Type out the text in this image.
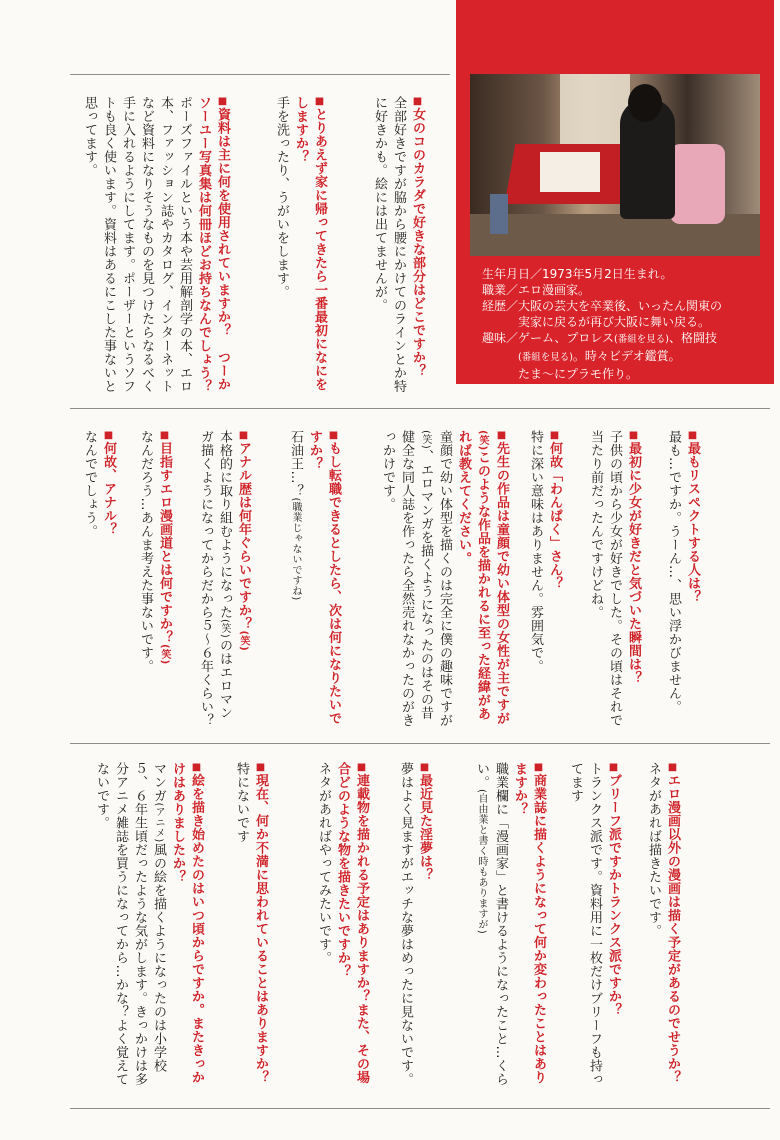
生年月日／1973年5月2日生まれ。
職業／エロ漫画家。
経歴／大阪の芸大を卒業後、いったん関東の
実家に戻るが再び大阪に舞い戻る。
趣味／ゲーム、プロレス(番組を見る)、格闘技
(番組を見る)。時々ビデオ鑑賞。
たま〜にプラモ作り。
■ 女のコのカラダで好きな部分はどこですか？
全部好きですが脇から腰にかけてのラインとか特に好きかも。絵には出てませんが。
■ とりあえず家に帰ってきたら一番最初になにをしますか？
手を洗ったり、うがいをします。
■ 資料は主に何を使用されていますか？　つーかソーユー写真集は何冊ほどお持ちなんでしょう？
ポーズファイルという本や芸用解剖学の本、エロ本、ファッション誌やカタログ、インターネットなど資料になりそうなものを見つけたらなるべく手に入れるようにしてます。ポーザーというソフトも良く使います。資料はあるにこした事ないと思ってます。
■ 最もリスペクトする人は？
最も…ですか。うーん…、思い浮かびません。
■ 最初に少女が好きだと気づいた瞬間は？
子供の頃から少女が好きでした。その頃はそれで当たり前だったんですけどね。
■ 何故「わんぱく」さん？
特に深い意味はありません。雰囲気で。
■ 先生の作品は童顔で幼い体型の女性が主ですが(笑)このような作品を描かれるに至った経緯があれば教えてください。
童顔で幼い体型を描くのは完全に僕の趣味ですが(笑)、エロマンガを描くようになったのはその昔健全な同人誌を作ったら全然売れなかったのがきっかけです。
■ もし転職できるとしたら、次は何になりたいですか？
石油王…？(職業じゃないですね)
■ アナル歴は何年ぐらいですか？(笑)
本格的に取り組むようになった(笑)のはエロマンガ描くようになってからだから５〜６年くらい？
■ 目指すエロ漫画道とは何ですか？(笑)
なんだろう…あんま考えた事ないです。
■ 何故、アナル？
なんででしょう。
■ エロ漫画以外の漫画は描く予定があるのでせうか？
ネタがあれば描きたいです。
■ ブリーフ派ですかトランクス派ですか？
トランクス派です。資料用に一枚だけブリーフも持ってます
■ 商業誌に描くようになって何か変わったことはありますか？
職業欄に「漫画家」と書けるようになったこと…くらい。(自由業と書く時もありますが)
■ 最近見た淫夢は？
夢はよく見ますがエッチな夢はめったに見ないです。
■ 連載物を描かれる予定はありますか？また、その場合どのような物を描きたいですか？
ネタがあればやってみたいです。
■ 現在、何か不満に思われていることはありますか？
特にないです
■ 絵を描き始めたのはいつ頃からですか。またきっかけはありましたか？
マンガ(アニメ)風の絵を描くようになったのは小学校５、６年生頃だったような気がします。きっかけは多分アニメ雑誌を買うになってから…かな？よく覚えてないです。
